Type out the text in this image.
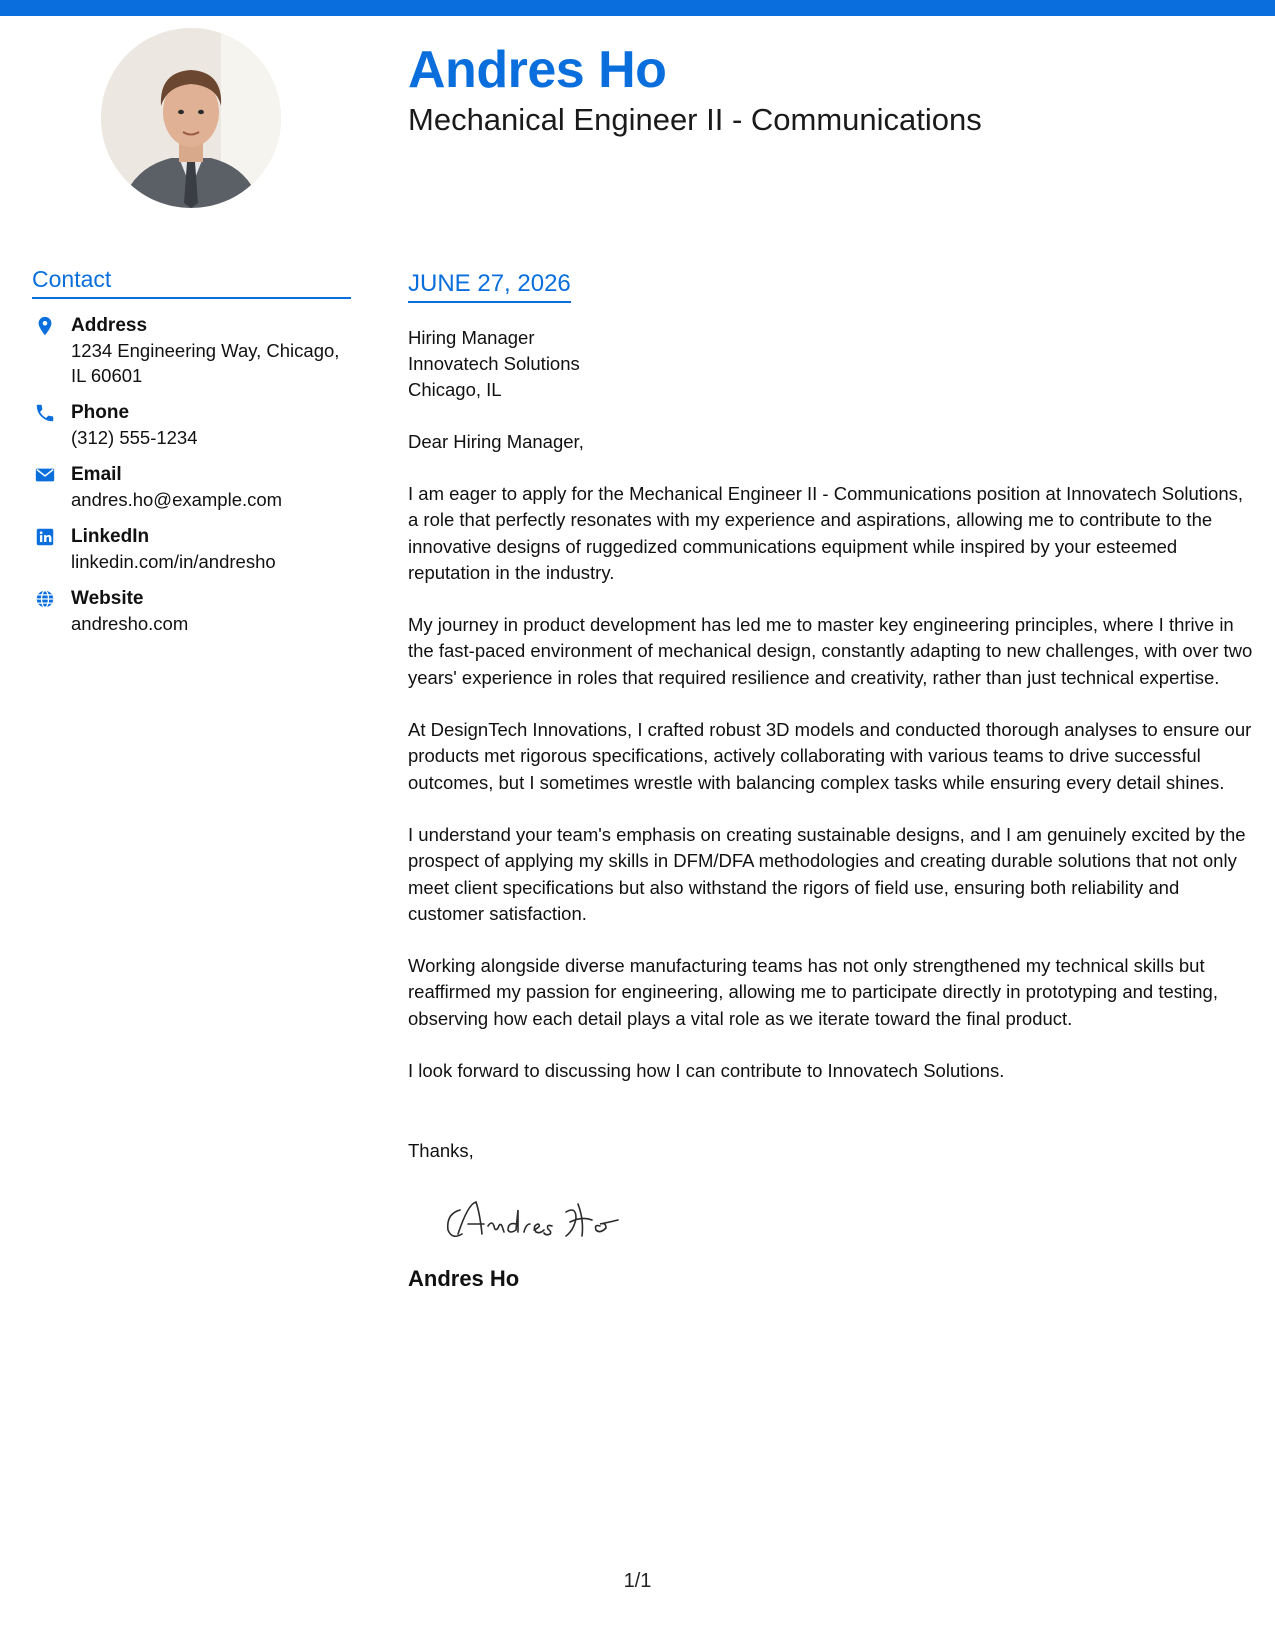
Andres Ho
Mechanical Engineer II - Communications
Contact
Address
1234 Engineering Way, Chicago, IL 60601
Phone
(312) 555-1234
Email
andres.ho@example.com
LinkedIn
linkedin.com/in/andresho
Website
andresho.com
JUNE 27, 2026
Hiring Manager
Innovatech Solutions
Chicago, IL
Dear Hiring Manager,

I am eager to apply for the Mechanical Engineer II - Communications position at Innovatech Solutions, a role that perfectly resonates with my experience and aspirations, allowing me to contribute to the innovative designs of ruggedized communications equipment while inspired by your esteemed reputation in the industry.

My journey in product development has led me to master key engineering principles, where I thrive in the fast-paced environment of mechanical design, constantly adapting to new challenges, with over two years' experience in roles that required resilience and creativity, rather than just technical expertise.

At DesignTech Innovations, I crafted robust 3D models and conducted thorough analyses to ensure our products met rigorous specifications, actively collaborating with various teams to drive successful outcomes, but I sometimes wrestle with balancing complex tasks while ensuring every detail shines.

I understand your team's emphasis on creating sustainable designs, and I am genuinely excited by the prospect of applying my skills in DFM/DFA methodologies and creating durable solutions that not only meet client specifications but also withstand the rigors of field use, ensuring both reliability and customer satisfaction.

Working alongside diverse manufacturing teams has not only strengthened my technical skills but reaffirmed my passion for engineering, allowing me to participate directly in prototyping and testing, observing how each detail plays a vital role as we iterate toward the final product.

I look forward to discussing how I can contribute to Innovatech Solutions.

Thanks,
Andres Ho
1/1
